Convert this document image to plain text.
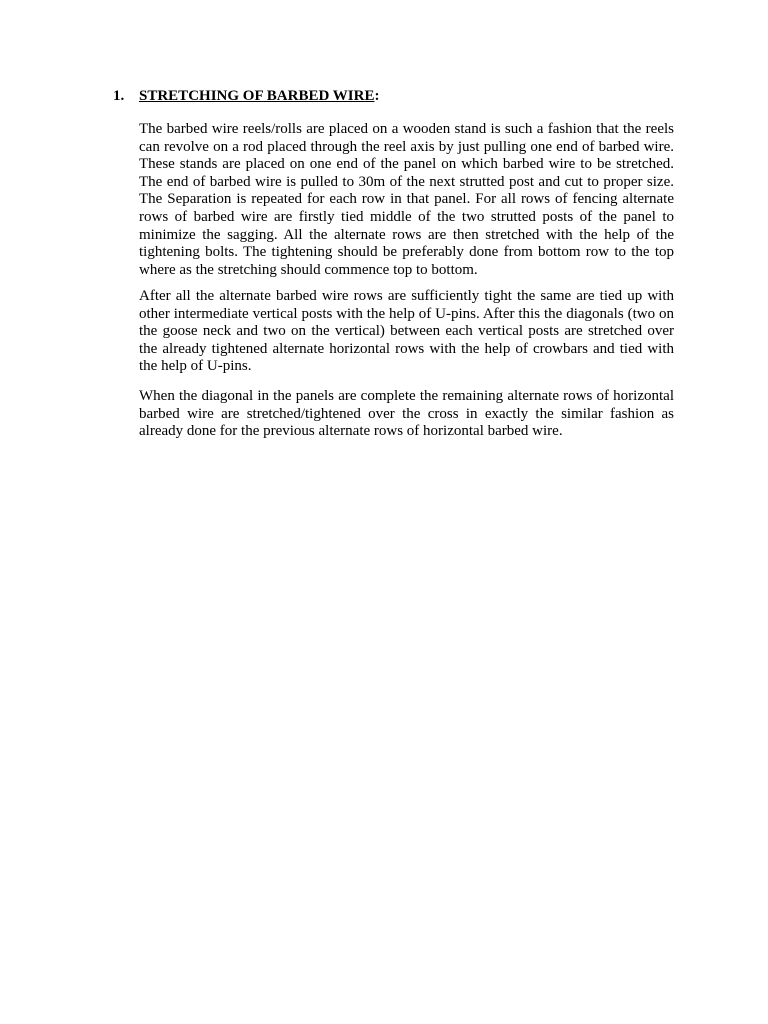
1. STRETCHING OF BARBED WIRE:

The barbed wire reels/rolls are placed on a wooden stand is such a fashion that the reels can revolve on a rod placed through the reel axis by just pulling one end of barbed wire. These stands are placed on one end of the panel on which barbed wire to be stretched. The end of barbed wire is pulled to 30m of the next strutted post and cut to proper size. The Separation is repeated for each row in that panel. For all rows of fencing alternate rows of barbed wire are firstly tied middle of the two strutted posts of the panel to minimize the sagging. All the alternate rows are then stretched with the help of the tightening bolts. The tightening should be preferably done from bottom row to the top where as the stretching should commence top to bottom.

After all the alternate barbed wire rows are sufficiently tight the same are tied up with other intermediate vertical posts with the help of U-pins. After this the diagonals (two on the goose neck and two on the vertical) between each vertical posts are stretched over the already tightened alternate horizontal rows with the help of crowbars and tied with the help of U-pins.

When the diagonal in the panels are complete the remaining alternate rows of horizontal barbed wire are stretched/tightened over the cross in exactly the similar fashion as already done for the previous alternate rows of horizontal barbed wire.
